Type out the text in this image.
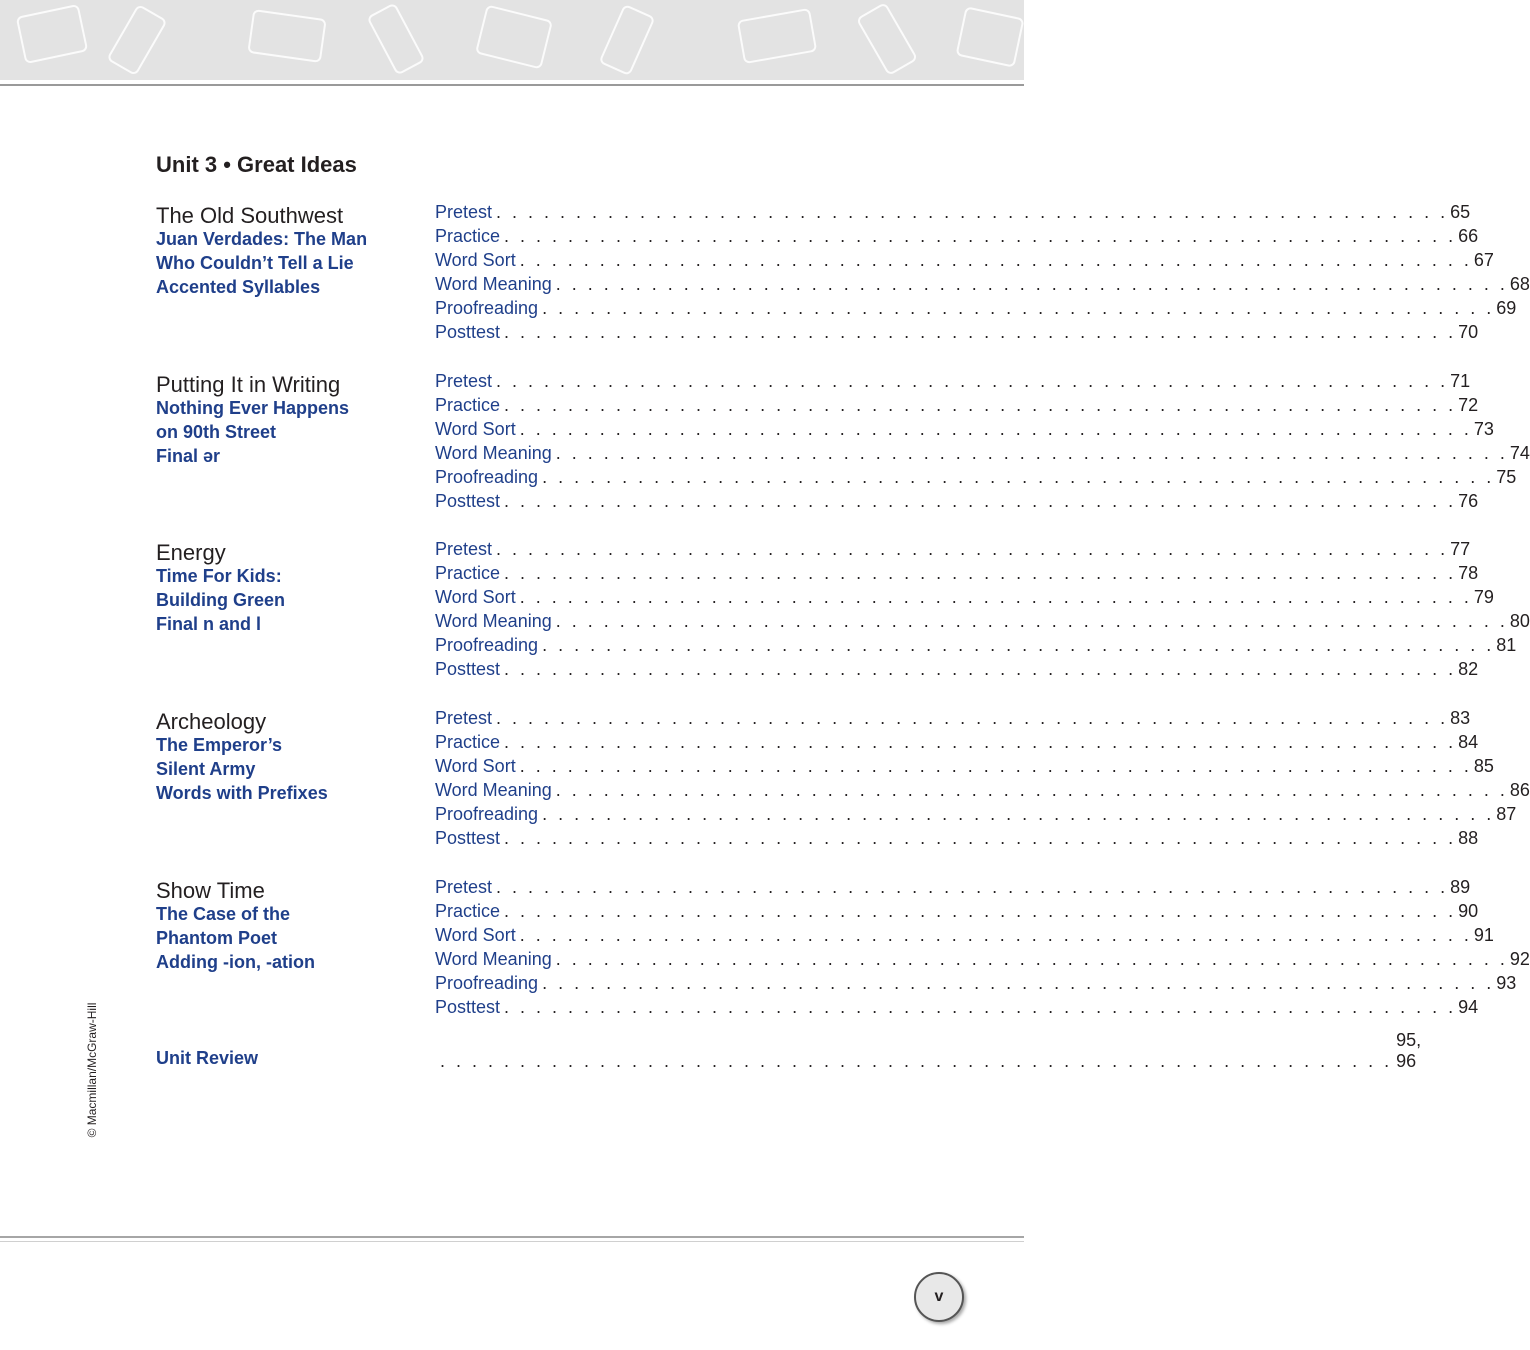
Unit 3 • Great Ideas
The Old Southwest
Juan Verdades: The Man
Who Couldn’t Tell a Lie
Accented Syllables
Pretest . . . . . . . . . . . . . . . . . . . . . . . . . . . . . . . . . . . . . . . . . . . . . . . . . . . . . . . . . . . . 65
Practice . . . . . . . . . . . . . . . . . . . . . . . . . . . . . . . . . . . . . . . . . . . . . . . . . . . . . . . . . . . . 66
Word Sort . . . . . . . . . . . . . . . . . . . . . . . . . . . . . . . . . . . . . . . . . . . . . . . . . . . . . . . . . . . . 67
Word Meaning . . . . . . . . . . . . . . . . . . . . . . . . . . . . . . . . . . . . . . . . . . . . . . . . . . . . . . . . . . . . 68
Proofreading . . . . . . . . . . . . . . . . . . . . . . . . . . . . . . . . . . . . . . . . . . . . . . . . . . . . . . . . . . . . 69
Posttest . . . . . . . . . . . . . . . . . . . . . . . . . . . . . . . . . . . . . . . . . . . . . . . . . . . . . . . . . . . . 70
Putting It in Writing
Nothing Ever Happens
on 90th Street
Final ər
Pretest . . . . . . . . . . . . . . . . . . . . . . . . . . . . . . . . . . . . . . . . . . . . . . . . . . . . . . . . . . . . 71
Practice . . . . . . . . . . . . . . . . . . . . . . . . . . . . . . . . . . . . . . . . . . . . . . . . . . . . . . . . . . . . 72
Word Sort . . . . . . . . . . . . . . . . . . . . . . . . . . . . . . . . . . . . . . . . . . . . . . . . . . . . . . . . . . . . 73
Word Meaning . . . . . . . . . . . . . . . . . . . . . . . . . . . . . . . . . . . . . . . . . . . . . . . . . . . . . . . . . . . . 74
Proofreading . . . . . . . . . . . . . . . . . . . . . . . . . . . . . . . . . . . . . . . . . . . . . . . . . . . . . . . . . . . . 75
Posttest . . . . . . . . . . . . . . . . . . . . . . . . . . . . . . . . . . . . . . . . . . . . . . . . . . . . . . . . . . . . 76
Energy
Time For Kids:
Building Green
Final n and l
Pretest . . . . . . . . . . . . . . . . . . . . . . . . . . . . . . . . . . . . . . . . . . . . . . . . . . . . . . . . . . . . 77
Practice . . . . . . . . . . . . . . . . . . . . . . . . . . . . . . . . . . . . . . . . . . . . . . . . . . . . . . . . . . . . 78
Word Sort . . . . . . . . . . . . . . . . . . . . . . . . . . . . . . . . . . . . . . . . . . . . . . . . . . . . . . . . . . . . 79
Word Meaning . . . . . . . . . . . . . . . . . . . . . . . . . . . . . . . . . . . . . . . . . . . . . . . . . . . . . . . . . . . . 80
Proofreading . . . . . . . . . . . . . . . . . . . . . . . . . . . . . . . . . . . . . . . . . . . . . . . . . . . . . . . . . . . . 81
Posttest . . . . . . . . . . . . . . . . . . . . . . . . . . . . . . . . . . . . . . . . . . . . . . . . . . . . . . . . . . . . 82
Archeology
The Emperor’s
Silent Army
Words with Prefixes
Pretest . . . . . . . . . . . . . . . . . . . . . . . . . . . . . . . . . . . . . . . . . . . . . . . . . . . . . . . . . . . . 83
Practice . . . . . . . . . . . . . . . . . . . . . . . . . . . . . . . . . . . . . . . . . . . . . . . . . . . . . . . . . . . . 84
Word Sort . . . . . . . . . . . . . . . . . . . . . . . . . . . . . . . . . . . . . . . . . . . . . . . . . . . . . . . . . . . . 85
Word Meaning . . . . . . . . . . . . . . . . . . . . . . . . . . . . . . . . . . . . . . . . . . . . . . . . . . . . . . . . . . . . 86
Proofreading . . . . . . . . . . . . . . . . . . . . . . . . . . . . . . . . . . . . . . . . . . . . . . . . . . . . . . . . . . . . 87
Posttest . . . . . . . . . . . . . . . . . . . . . . . . . . . . . . . . . . . . . . . . . . . . . . . . . . . . . . . . . . . . 88
Show Time
The Case of the
Phantom Poet
Adding -ion, -ation
Pretest . . . . . . . . . . . . . . . . . . . . . . . . . . . . . . . . . . . . . . . . . . . . . . . . . . . . . . . . . . . . 89
Practice . . . . . . . . . . . . . . . . . . . . . . . . . . . . . . . . . . . . . . . . . . . . . . . . . . . . . . . . . . . . 90
Word Sort . . . . . . . . . . . . . . . . . . . . . . . . . . . . . . . . . . . . . . . . . . . . . . . . . . . . . . . . . . . . 91
Word Meaning . . . . . . . . . . . . . . . . . . . . . . . . . . . . . . . . . . . . . . . . . . . . . . . . . . . . . . . . . . . . 92
Proofreading . . . . . . . . . . . . . . . . . . . . . . . . . . . . . . . . . . . . . . . . . . . . . . . . . . . . . . . . . . . . 93
Posttest . . . . . . . . . . . . . . . . . . . . . . . . . . . . . . . . . . . . . . . . . . . . . . . . . . . . . . . . . . . . 94
Unit Review	. . . . . . . . . . . . . . . . . . . . . . . . . . . . . . . . . . . . . . . . . . . . . . . . . . . . . . . . . . . .
95, 96
© Macmillan/McGraw-Hill
v
